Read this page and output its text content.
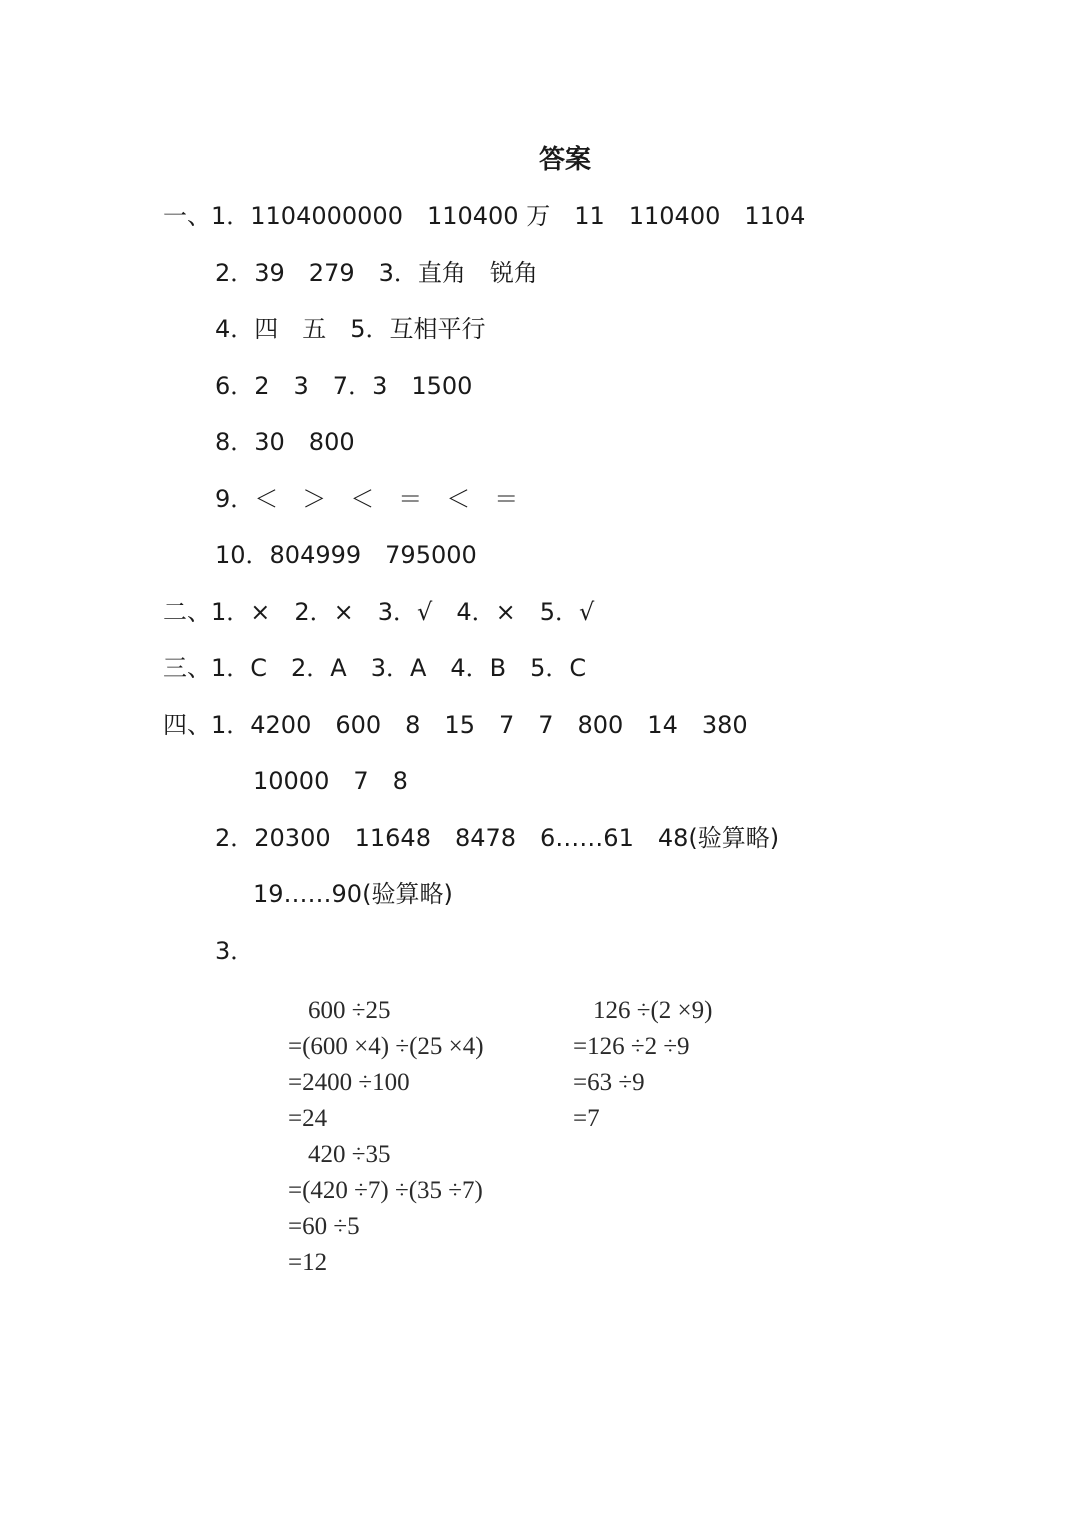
答案
一、1．1104000000　110400 万　11　110400　1104
2．39　279　3．直角　锐角
4．四　五　5．互相平行
6．2　3　7．3　1500
8．30　800
9．＜　＞　＜　＝　＜　＝
10．804999　795000
二、1．×　2．×　3．√　4．×　5．√
三、1．C　2．A　3．A　4．B　5．C
四、1．4200　600　8　15　7　7　800　14　380
10000　7　8
2．20300　11648　8478　6……61　48(验算略)
19……90(验算略)
3．
600 ÷25
=(600 ×4) ÷(25 ×4)
=2400 ÷100
=24
126 ÷(2 ×9)
=126 ÷2 ÷9
=63 ÷9
=7
420 ÷35
=(420 ÷7) ÷(35 ÷7)
=60 ÷5
=12
